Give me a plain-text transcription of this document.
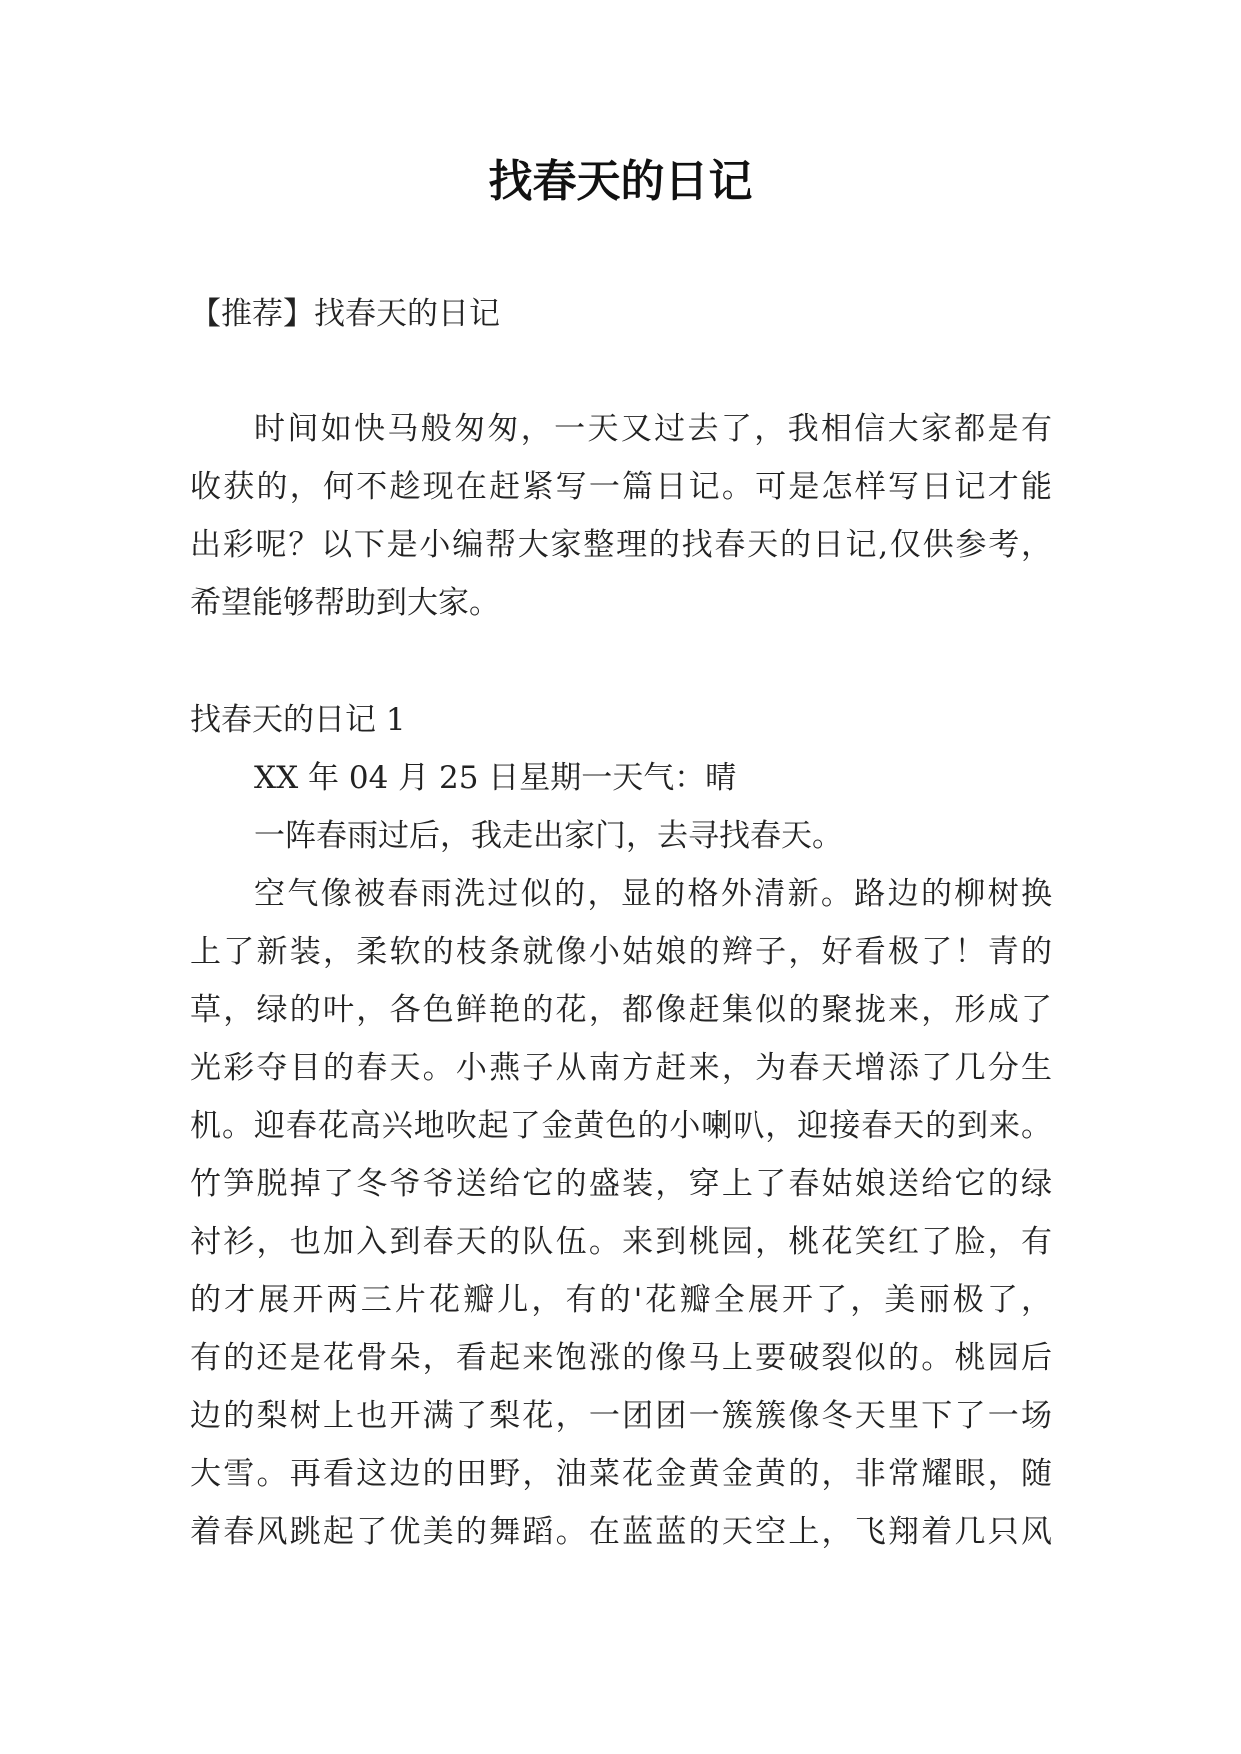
找春天的日记
【推荐】找春天的日记
时间如快马般匆匆，一天又过去了，我相信大家都是有
收获的，何不趁现在赶紧写一篇日记。可是怎样写日记才能
出彩呢？以下是小编帮大家整理的找春天的日记,仅供参考，
希望能够帮助到大家。
找春天的日记 1
XX 年 04 月 25 日星期一天气：晴
一阵春雨过后，我走出家门，去寻找春天。
空气像被春雨洗过似的，显的格外清新。路边的柳树换
上了新装，柔软的枝条就像小姑娘的辫子，好看极了！青的
草，绿的叶，各色鲜艳的花，都像赶集似的聚拢来，形成了
光彩夺目的春天。小燕子从南方赶来，为春天增添了几分生
机。迎春花高兴地吹起了金黄色的小喇叭，迎接春天的到来。
竹笋脱掉了冬爷爷送给它的盛装，穿上了春姑娘送给它的绿
衬衫，也加入到春天的队伍。来到桃园，桃花笑红了脸，有
的才展开两三片花瓣儿，有的'花瓣全展开了，美丽极了，
有的还是花骨朵，看起来饱涨的像马上要破裂似的。桃园后
边的梨树上也开满了梨花，一团团一簇簇像冬天里下了一场
大雪。再看这边的田野，油菜花金黄金黄的，非常耀眼，随
着春风跳起了优美的舞蹈。在蓝蓝的天空上，飞翔着几只风
